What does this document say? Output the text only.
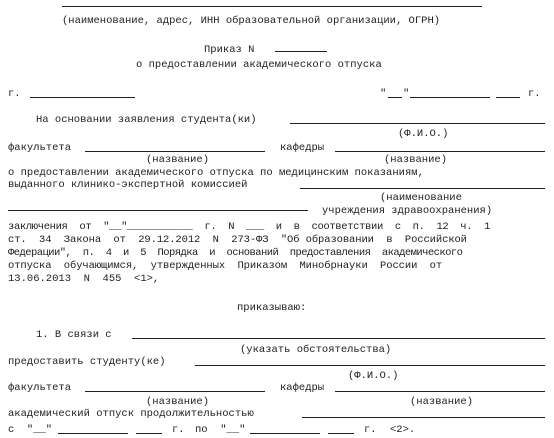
(наименование, адрес, ИНН образовательной организации, ОГРН)
Приказ N
о предоставлении академического отпуска
г.	" "	г.
На основании заявления студента(ки)
(Ф.И.О.)
факультета	кафедры
(название)	(название)
о предоставлении академического отпуска по медицинским показаниям,
выданного клинико-экспертной комиссией
(наименование
учреждения здравоохранения)
заключения  от  "__"___________  г.  N  ___  и  в  соответствии  с  п.  12  ч.  1
ст.  34  Закона  от  29.12.2012  N  273-ФЗ  "Об образовании  в  Российской
Федерации",  п.  4  и  5  Порядка  и  оснований  предоставления  академического
отпуска  обучающимся,  утвержденных  Приказом  Минобрнауки  России  от
13.06.2013  N  455  <1>,
приказываю:
1. В связи с
(указать обстоятельства)
предоставить студенту(ке)
(Ф.И.О.)
факультета	кафедры
(название)	(название)
академический отпуск продолжительностью
с  "__"	г. по  "__"	г. <2>.
